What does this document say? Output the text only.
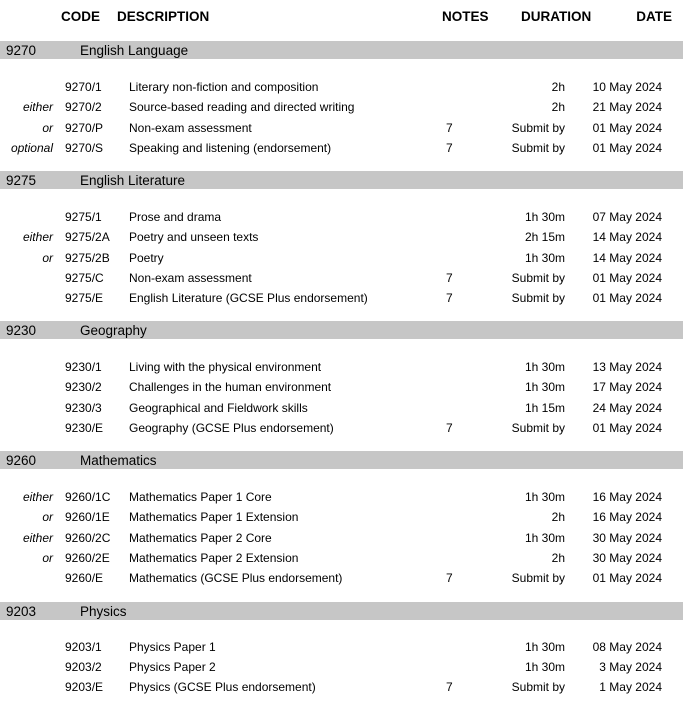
CODE DESCRIPTION	NOTES DURATION	DATE
9270	English Language
9270/1 Literary non-fiction and composition	2h 10 May 2024
either 9270/2 Source-based reading and directed writing	2h 21 May 2024
or 9270/P Non-exam assessment	7	Submit by 01 May 2024
optional 9270/S Speaking and listening (endorsement)	7	Submit by 01 May 2024
9275	English Literature
9275/1 Prose and drama	1h 30m 07 May 2024
either 9275/2A Poetry and unseen texts	2h 15m 14 May 2024
or 9275/2B Poetry	1h 30m 14 May 2024
9275/C Non-exam assessment	7	Submit by 01 May 2024
9275/E English Literature (GCSE Plus endorsement)	7	Submit by 01 May 2024
9230	Geography
9230/1 Living with the physical environment	1h 30m 13 May 2024
9230/2 Challenges in the human environment	1h 30m 17 May 2024
9230/3 Geographical and Fieldwork skills	1h 15m 24 May 2024
9230/E Geography (GCSE Plus endorsement)	7	Submit by 01 May 2024
9260	Mathematics
either 9260/1C Mathematics Paper 1 Core	1h 30m 16 May 2024
or 9260/1E Mathematics Paper 1 Extension	2h 16 May 2024
either 9260/2C Mathematics Paper 2 Core	1h 30m 30 May 2024
or 9260/2E Mathematics Paper 2 Extension	2h 30 May 2024
9260/E Mathematics (GCSE Plus endorsement)	7	Submit by 01 May 2024
9203	Physics
9203/1 Physics Paper 1	1h 30m 08 May 2024
9203/2 Physics Paper 2	1h 30m	3 May 2024
9203/E Physics (GCSE Plus endorsement)	7	Submit by	1 May 2024
